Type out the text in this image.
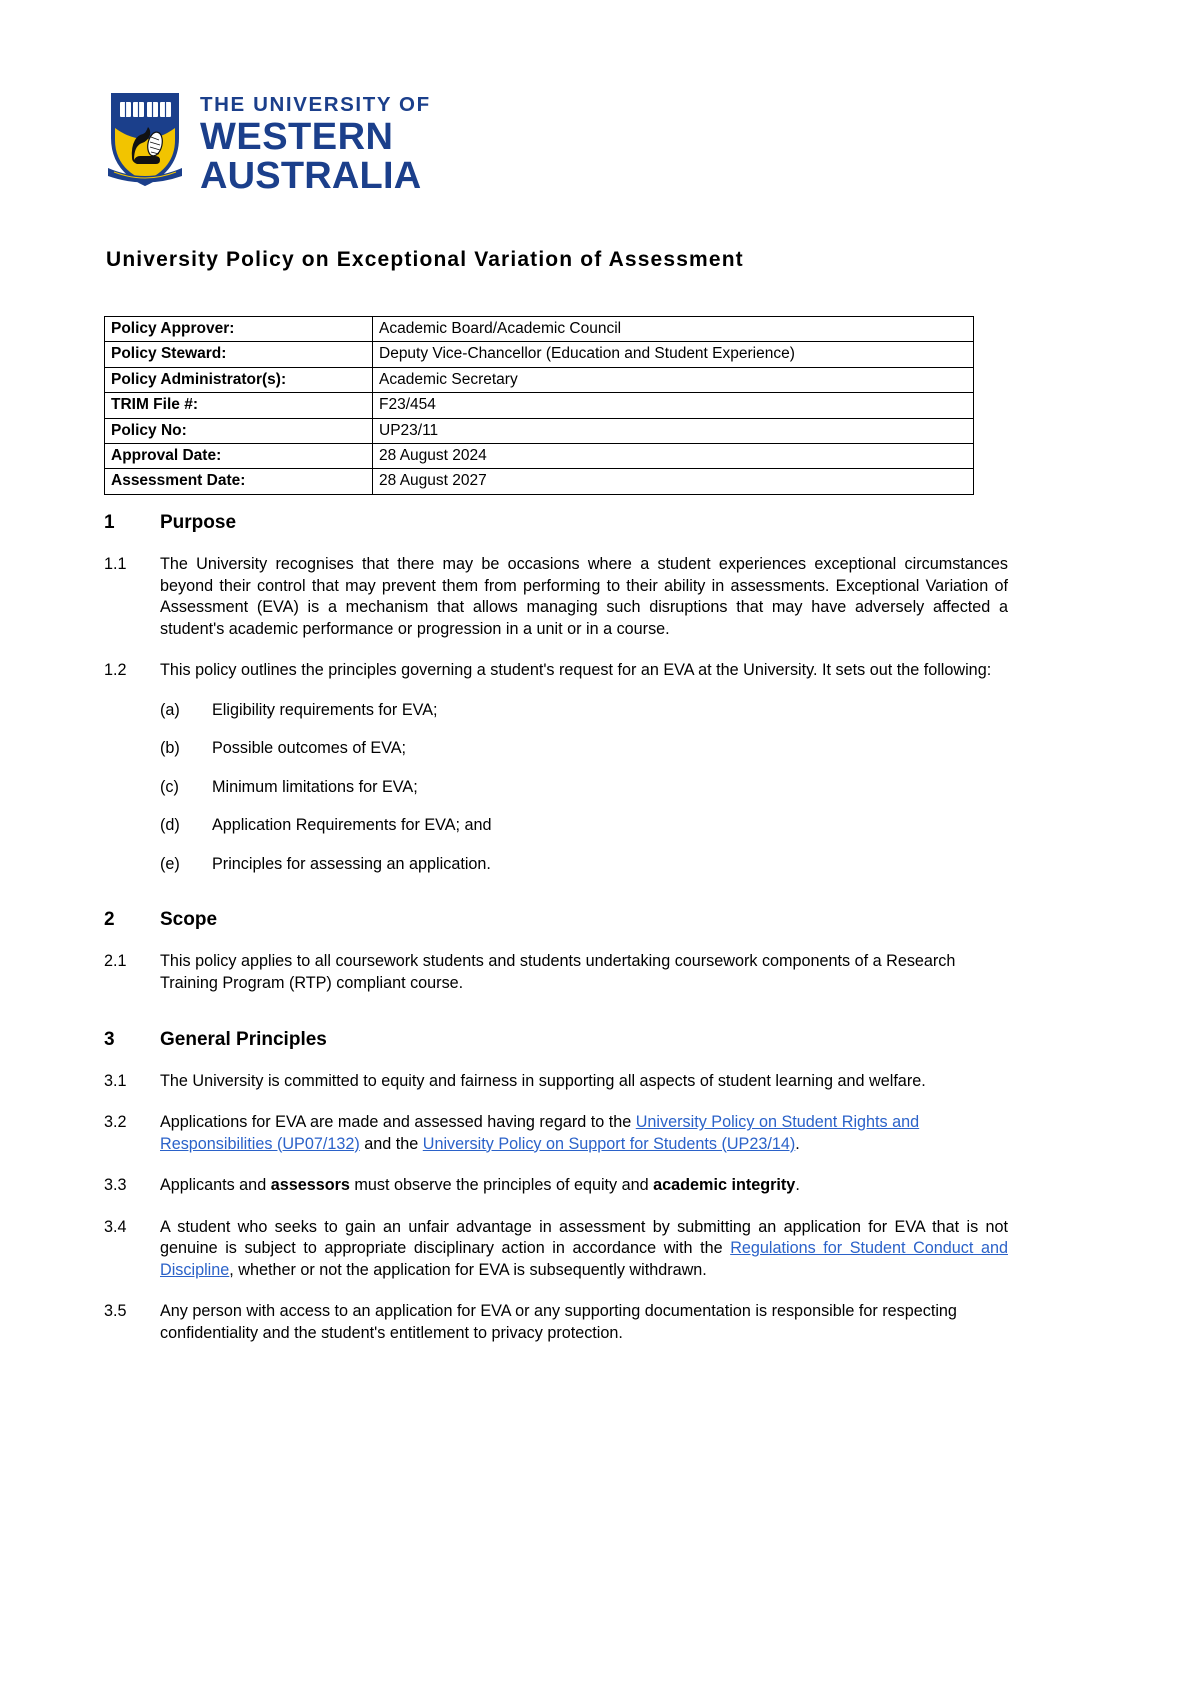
THE UNIVERSITY OF
WESTERN
AUSTRALIA
University Policy on Exceptional Variation of Assessment
Policy Approver:	Academic Board/Academic Council
Policy Steward:	Deputy Vice-Chancellor (Education and Student Experience)
Policy Administrator(s):	Academic Secretary
TRIM File #:	F23/454
Policy No:	UP23/11
Approval Date:	28 August 2024
Assessment Date:	28 August 2027
1	Purpose
1.1	The University recognises that there may be occasions where a student experiences exceptional circumstances beyond their control that may prevent them from performing to their ability in assessments. Exceptional Variation of Assessment (EVA) is a mechanism that allows managing such disruptions that may have adversely affected a student's academic performance or progression in a unit or in a course.
1.2	This policy outlines the principles governing a student's request for an EVA at the University. It sets out the following:
(a)	Eligibility requirements for EVA;
(b)	Possible outcomes of EVA;
(c)	Minimum limitations for EVA;
(d)	Application Requirements for EVA; and
(e)	Principles for assessing an application.
2	Scope
2.1	This policy applies to all coursework students and students undertaking coursework components of a Research Training Program (RTP) compliant course.
3	General Principles
3.1	The University is committed to equity and fairness in supporting all aspects of student learning and welfare.
3.2	Applications for EVA are made and assessed having regard to the University Policy on Student Rights and Responsibilities (UP07/132) and the University Policy on Support for Students (UP23/14).
3.3	Applicants and assessors must observe the principles of equity and academic integrity.
3.4	A student who seeks to gain an unfair advantage in assessment by submitting an application for EVA that is not genuine is subject to appropriate disciplinary action in accordance with the Regulations for Student Conduct and Discipline, whether or not the application for EVA is subsequently withdrawn.
3.5	Any person with access to an application for EVA or any supporting documentation is responsible for respecting confidentiality and the student's entitlement to privacy protection.
